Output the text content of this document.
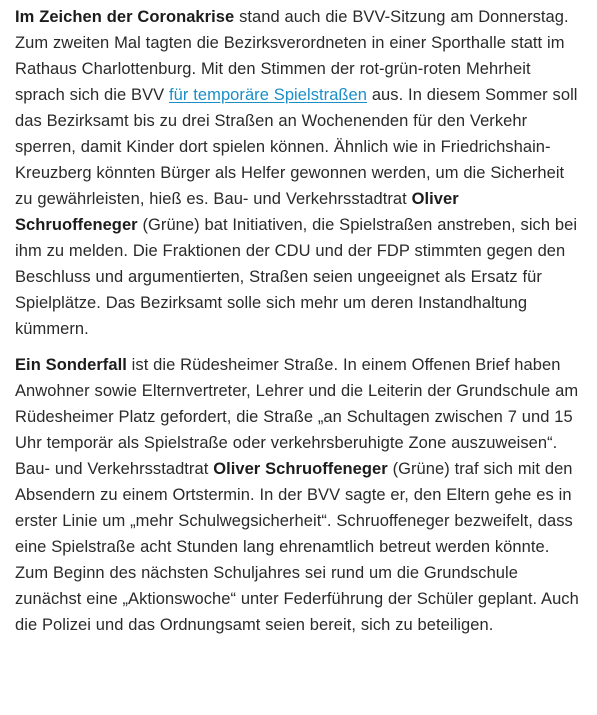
Im Zeichen der Coronakrise stand auch die BVV-Sitzung am Donnerstag. Zum zweiten Mal tagten die Bezirksverordneten in einer Sporthalle statt im Rathaus Charlottenburg. Mit den Stimmen der rot-grün-roten Mehrheit sprach sich die BVV für temporäre Spielstraßen aus. In diesem Sommer soll das Bezirksamt bis zu drei Straßen an Wochenenden für den Verkehr sperren, damit Kinder dort spielen können. Ähnlich wie in Friedrichshain-Kreuzberg könnten Bürger als Helfer gewonnen werden, um die Sicherheit zu gewährleisten, hieß es. Bau- und Verkehrsstadtrat Oliver Schruoffeneger (Grüne) bat Initiativen, die Spielstraßen anstreben, sich bei ihm zu melden. Die Fraktionen der CDU und der FDP stimmten gegen den Beschluss und argumentierten, Straßen seien ungeeignet als Ersatz für Spielplätze. Das Bezirksamt solle sich mehr um deren Instandhaltung kümmern.

Ein Sonderfall ist die Rüdesheimer Straße. In einem Offenen Brief haben Anwohner sowie Elternvertreter, Lehrer und die Leiterin der Grundschule am Rüdesheimer Platz gefordert, die Straße „an Schultagen zwischen 7 und 15 Uhr temporär als Spielstraße oder verkehrsberuhigte Zone auszuweisen“. Bau- und Verkehrsstadtrat Oliver Schruoffeneger (Grüne) traf sich mit den Absendern zu einem Ortstermin. In der BVV sagte er, den Eltern gehe es in erster Linie um „mehr Schulwegsicherheit“. Schruoffeneger bezweifelt, dass eine Spielstraße acht Stunden lang ehrenamtlich betreut werden könnte. Zum Beginn des nächsten Schuljahres sei rund um die Grundschule zunächst eine „Aktionswoche“ unter Federführung der Schüler geplant. Auch die Polizei und das Ordnungsamt seien bereit, sich zu beteiligen.
